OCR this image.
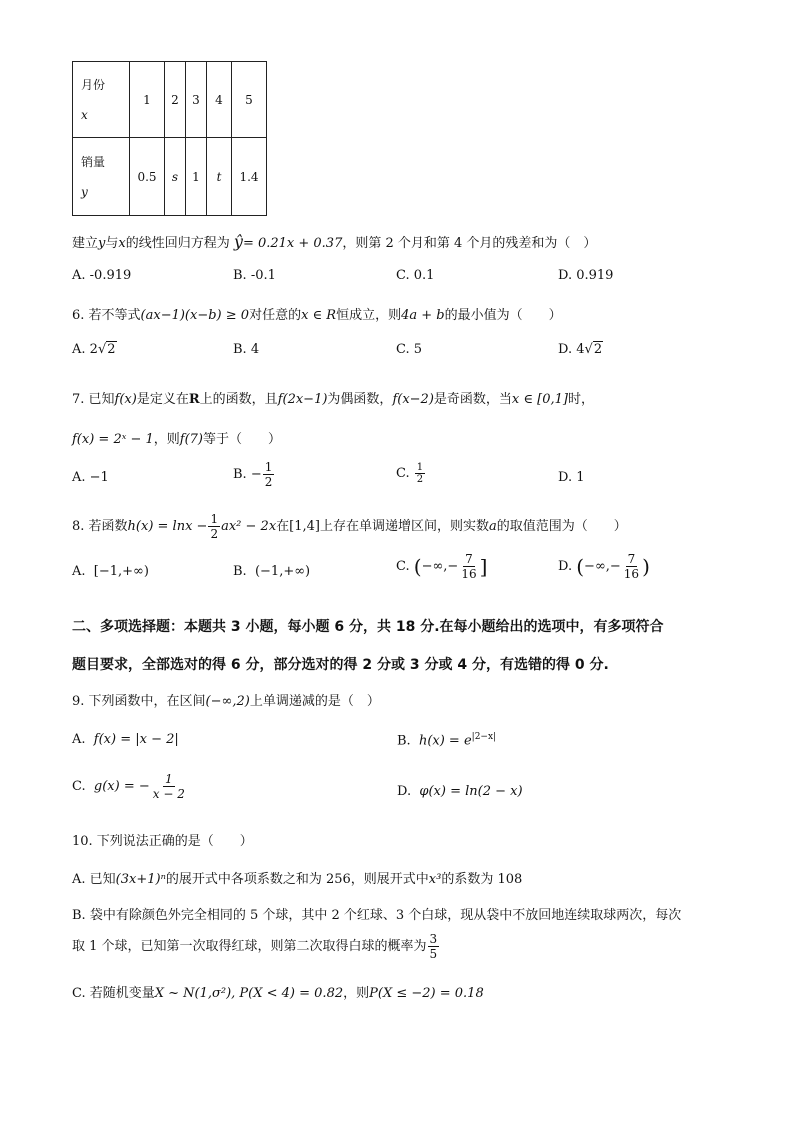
月份
x	1	2	3	4	5

销量
y	0.5	s	1	t	1.4
建立y与x的线性回归方程为 ŷ= 0.21x + 0.37，则第 2 个月和第 4 个月的残差和为（　）
A. -0.919	B. -0.1	C. 0.1	D. 0.919
6. 若不等式(ax−1)(x−b) ≥ 0对任意的x ∈ R恒成立，则4a + b的最小值为（　　）
A. 2√2	B. 4	C. 5	D. 4√2
7. 已知f(x)是定义在R上的函数，且f(2x−1)为偶函数，f(x−2)是奇函数，当x ∈ [0,1]时，
f(x) = 2ˣ − 1，则f(7)等于（　　）
A. −1	B. − $\frac{1}{2}$	C. $\frac{1}{2}$	D. 1
8. 若函数$h(x) = \ln x - \frac{1}{2} ax^2 - 2x$在[1,4]上存在单调递增区间，则实数a的取值范围为（　　）
A. [−1,+∞)	B. (−1,+∞)	C. (−∞,− $\frac{7}{16}$ ]	D. (−∞,− $\frac{7}{16}$ )
二、多项选择题：本题共 3 小题，每小题 6 分，共 18 分.在每小题给出的选项中，有多项符合
题目要求，全部选对的得 6 分，部分选对的得 2 分或 3 分或 4 分，有选错的得 0 分.
9. 下列函数中，在区间(−∞,2)上单调递减的是（　）
A. f(x) = |x − 2|	B. $h(x) = e^{|2-x|}$
C. g(x) = − $\frac{1}{x - 2}$	D. φ(x) = ln(2 − x)
10. 下列说法正确的是（　　）
A. 已知(3x+1)ⁿ的展开式中各项系数之和为 256，则展开式中x³的系数为 108
B. 袋中有除颜色外完全相同的 5 个球，其中 2 个红球、3 个白球，现从袋中不放回地连续取球两次，每次
取 1 个球，已知第一次取得红球，则第二次取得白球的概率为 $\frac{3}{5}$
C. 若随机变量X ~ N(1,σ²), P(X < 4) = 0.82，则P(X ≤ −2) = 0.18
